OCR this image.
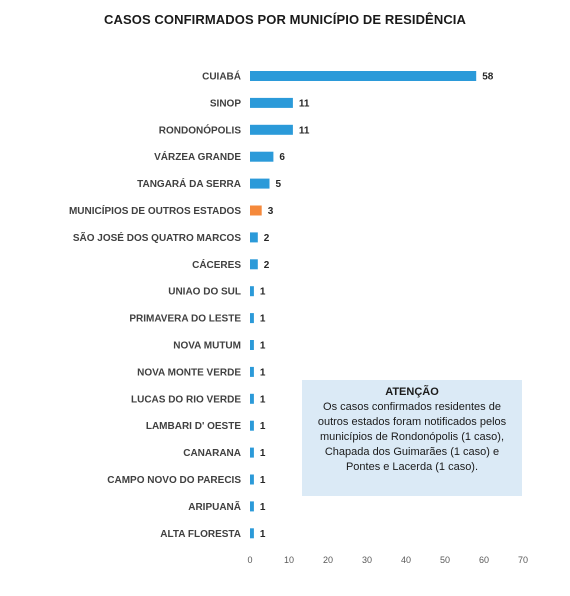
CASOS CONFIRMADOS POR MUNICÍPIO DE RESIDÊNCIA
CUIABÁ	58
SINOP	11
RONDONÓPOLIS	11
VÁRZEA GRANDE	6
TANGARÁ DA SERRA	5
MUNICÍPIOS DE OUTROS ESTADOS	3
SÃO JOSÉ DOS QUATRO MARCOS 2
CÁCERES 2
UNIAO DO SUL 1
PRIMAVERA DO LESTE 1
NOVA MUTUM 1
NOVA MONTE VERDE 1
LUCAS DO RIO VERDE 1
LAMBARI D' OESTE 1
CANARANA 1
CAMPO NOVO DO PARECIS 1
ARIPUANÃ 1
ALTA FLORESTA 1
0	10	20	30	40	50	60	70
ATENÇÃO
Os casos confirmados residentes de
outros estados foram notificados pelos
municípios de Rondonópolis (1 caso),
Chapada dos Guimarães (1 caso) e
Pontes e Lacerda (1 caso).
